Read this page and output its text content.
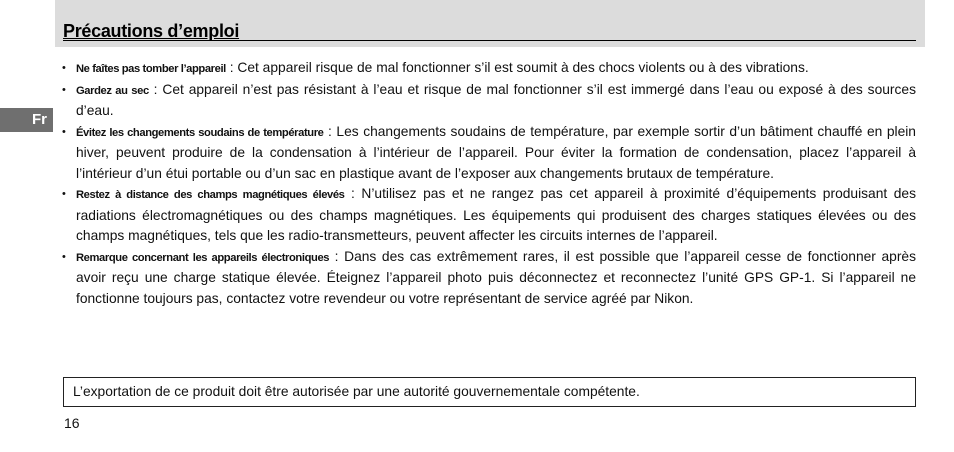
Précautions d’emploi
Fr
• Ne faîtes pas tomber l’appareil : Cet appareil risque de mal fonctionner s’il est soumit à des chocs violents ou à des vibrations.
• Gardez au sec : Cet appareil n’est pas résistant à l’eau et risque de mal fonctionner s’il est immergé dans l’eau ou exposé à des sources d’eau.
• Évitez les changements soudains de température : Les changements soudains de température, par exemple sortir d’un bâtiment chauffé en plein hiver, peuvent produire de la condensation à l’intérieur de l’appareil. Pour éviter la formation de condensation, placez l’appareil à l’intérieur d’un étui portable ou d’un sac en plastique avant de l’exposer aux changements brutaux de température.
• Restez à distance des champs magnétiques élevés : N’utilisez pas et ne rangez pas cet appareil à proximité d’équipements produisant des radiations électromagnétiques ou des champs magnétiques. Les équipements qui produisent des charges statiques élevées ou des champs magnétiques, tels que les radio-transmetteurs, peuvent affecter les circuits internes de l’appareil.
• Remarque concernant les appareils électroniques : Dans des cas extrêmement rares, il est possible que l’appareil cesse de fonctionner après avoir reçu une charge statique élevée. Éteignez l’appareil photo puis déconnectez et reconnectez l’unité GPS GP-1. Si l’appareil ne fonctionne toujours pas, contactez votre revendeur ou votre représentant de service agréé par Nikon.
L’exportation de ce produit doit être autorisée par une autorité gouvernementale compétente.
16
